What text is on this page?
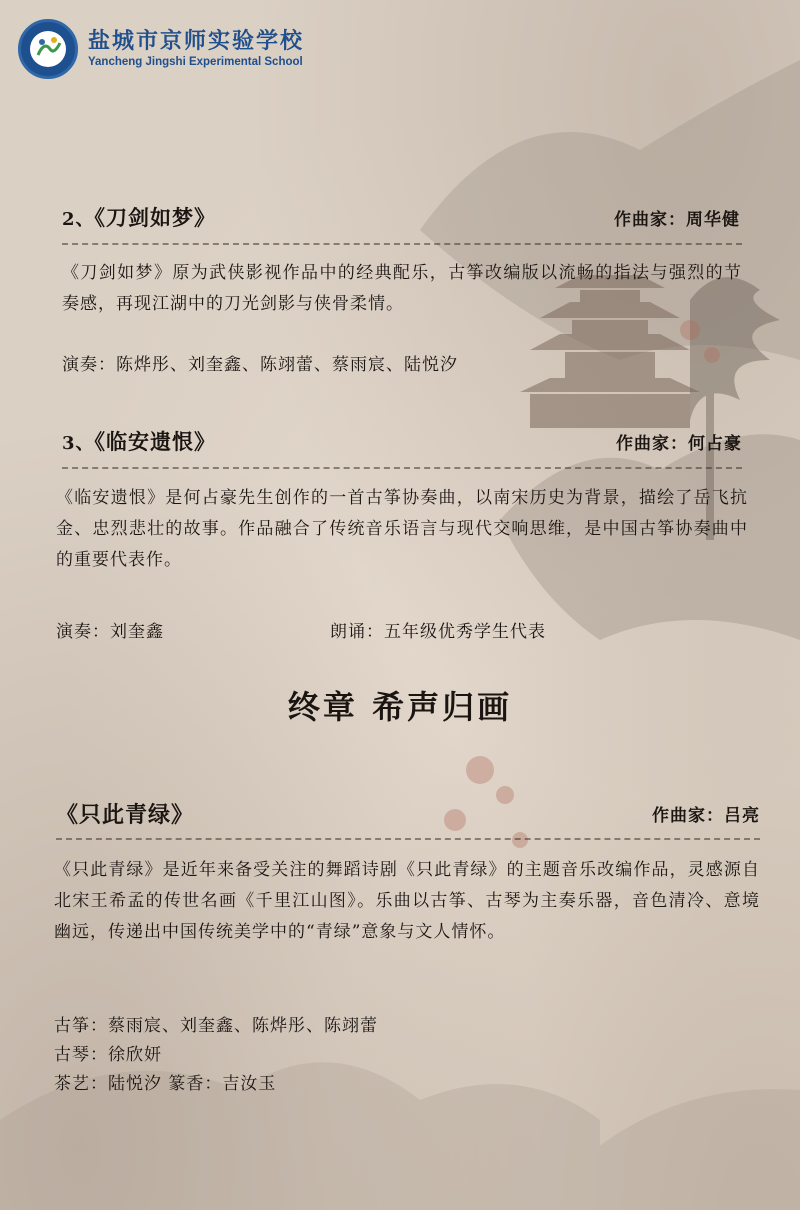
盐城市京师实验学校
Yancheng Jingshi Experimental School
2、《刀剑如梦》	作曲家：周华健
《刀剑如梦》原为武侠影视作品中的经典配乐，古筝改编版以流畅的指法与强烈的节奏感，再现江湖中的刀光剑影与侠骨柔情。
演奏：陈烨彤、刘奎鑫、陈翊蕾、蔡雨宸、陆悦汐
3、《临安遗恨》	作曲家：何占豪
《临安遗恨》是何占豪先生创作的一首古筝协奏曲，以南宋历史为背景，描绘了岳飞抗金、忠烈悲壮的故事。作品融合了传统音乐语言与现代交响思维，是中国古筝协奏曲中的重要代表作。
演奏：刘奎鑫	朗诵：五年级优秀学生代表
终章 希声归画
《只此青绿》	作曲家：吕亮
《只此青绿》是近年来备受关注的舞蹈诗剧《只此青绿》的主题音乐改编作品，灵感源自北宋王希孟的传世名画《千里江山图》。乐曲以古筝、古琴为主奏乐器，音色清冷、意境幽远，传递出中国传统美学中的“青绿”意象与文人情怀。
古筝：蔡雨宸、刘奎鑫、陈烨彤、陈翊蕾
古琴：徐欣妍
茶艺：陆悦汐 篆香：吉汝玉
